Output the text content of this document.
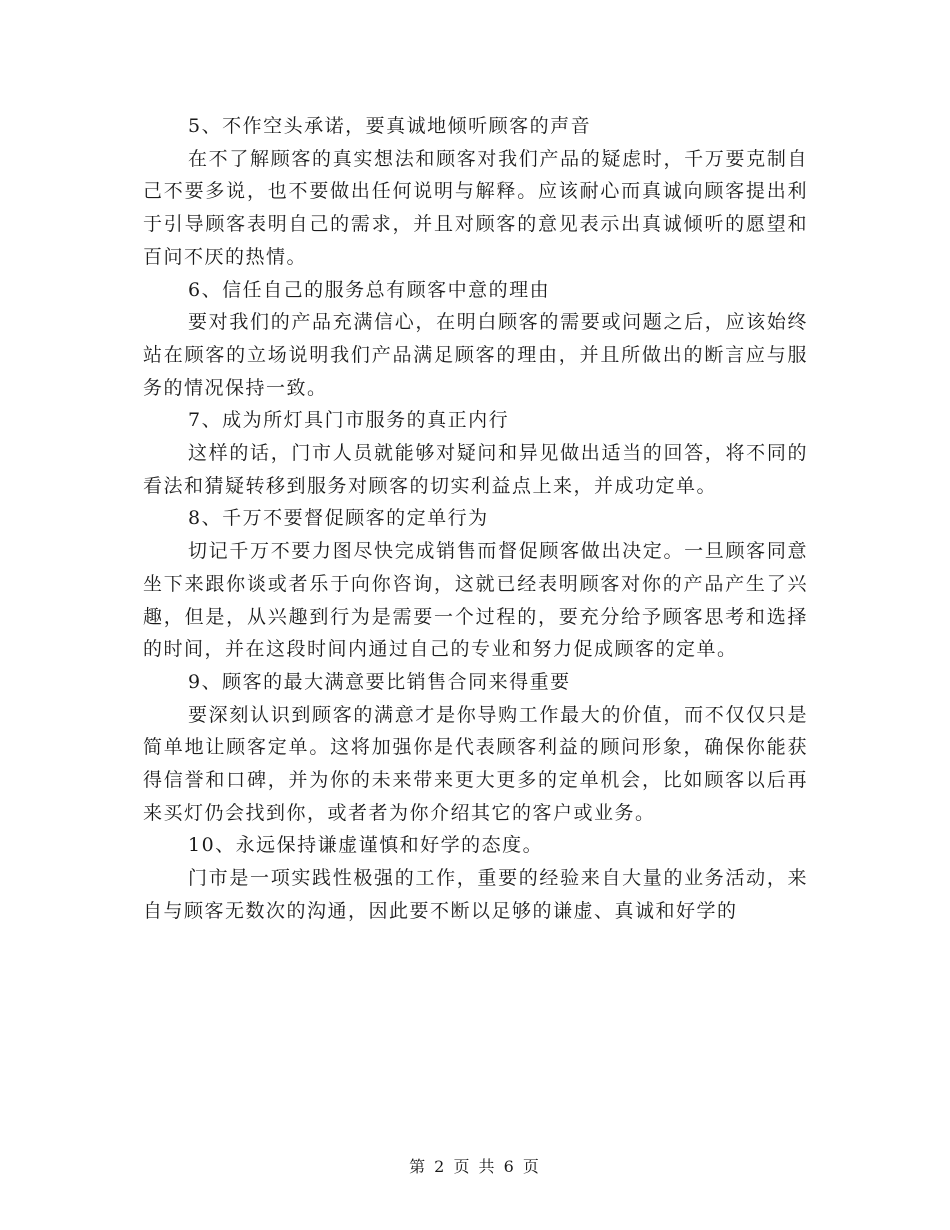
5、不作空头承诺，要真诚地倾听顾客的声音

在不了解顾客的真实想法和顾客对我们产品的疑虑时，千万要克制自己不要多说，也不要做出任何说明与解释。应该耐心而真诚向顾客提出利于引导顾客表明自己的需求，并且对顾客的意见表示出真诚倾听的愿望和百问不厌的热情。

6、信任自己的服务总有顾客中意的理由

要对我们的产品充满信心，在明白顾客的需要或问题之后，应该始终站在顾客的立场说明我们产品满足顾客的理由，并且所做出的断言应与服务的情况保持一致。

7、成为所灯具门市服务的真正内行

这样的话，门市人员就能够对疑问和异见做出适当的回答，将不同的看法和猜疑转移到服务对顾客的切实利益点上来，并成功定单。

8、千万不要督促顾客的定单行为

切记千万不要力图尽快完成销售而督促顾客做出决定。一旦顾客同意坐下来跟你谈或者乐于向你咨询，这就已经表明顾客对你的产品产生了兴趣，但是，从兴趣到行为是需要一个过程的，要充分给予顾客思考和选择的时间，并在这段时间内通过自己的专业和努力促成顾客的定单。

9、顾客的最大满意要比销售合同来得重要

要深刻认识到顾客的满意才是你导购工作最大的价值，而不仅仅只是简单地让顾客定单。这将加强你是代表顾客利益的顾问形象，确保你能获得信誉和口碑，并为你的未来带来更大更多的定单机会，比如顾客以后再来买灯仍会找到你，或者者为你介绍其它的客户或业务。

10、永远保持谦虚谨慎和好学的态度。

门市是一项实践性极强的工作，重要的经验来自大量的业务活动，来自与顾客无数次的沟通，因此要不断以足够的谦虚、真诚和好学的

第 2 页 共 6 页
